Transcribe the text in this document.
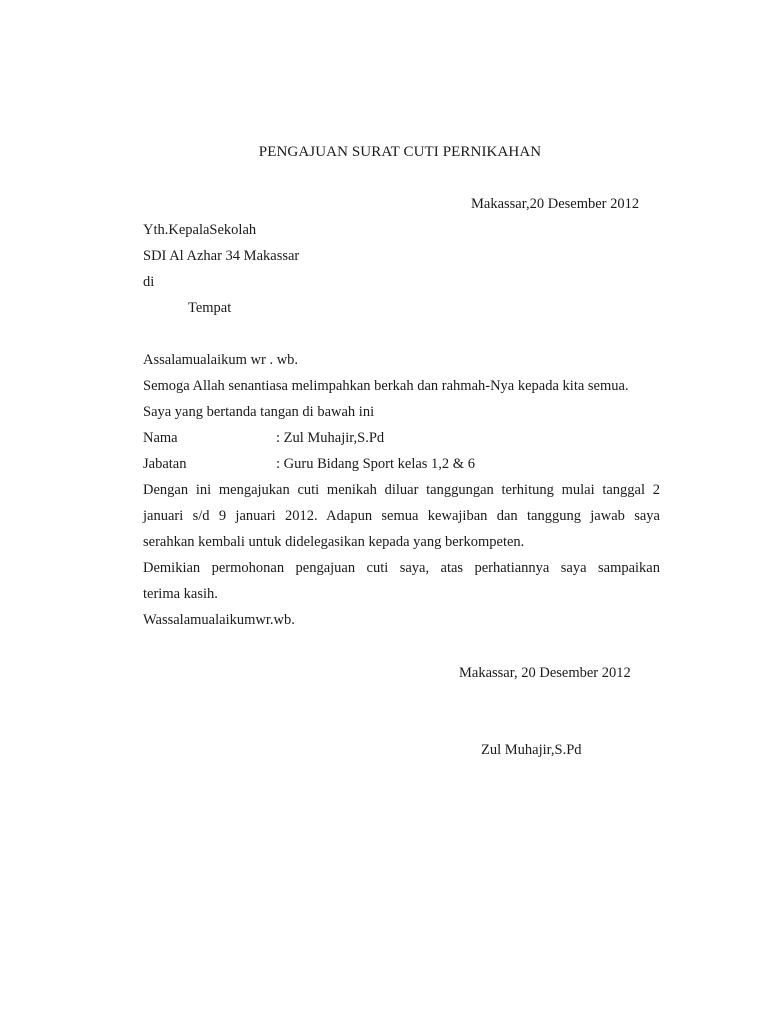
PENGAJUAN SURAT CUTI PERNIKAHAN
Makassar,20 Desember 2012
Yth.KepalaSekolah
SDI Al Azhar 34 Makassar
di
Tempat
Assalamualaikum wr . wb.
Semoga Allah senantiasa melimpahkan berkah dan rahmah-Nya kepada kita semua.
Saya yang bertanda tangan di bawah ini
Nama	: Zul Muhajir,S.Pd
Jabatan	: Guru Bidang Sport kelas 1,2 & 6
Dengan ini mengajukan cuti menikah diluar tanggungan terhitung mulai tanggal 2
januari s/d 9 januari 2012. Adapun semua kewajiban dan tanggung jawab saya
serahkan kembali untuk didelegasikan kepada yang berkompeten.
Demikian permohonan pengajuan cuti saya, atas perhatiannya saya sampaikan
terima kasih.
Wassalamualaikumwr.wb.
Makassar, 20 Desember 2012
Zul Muhajir,S.Pd
